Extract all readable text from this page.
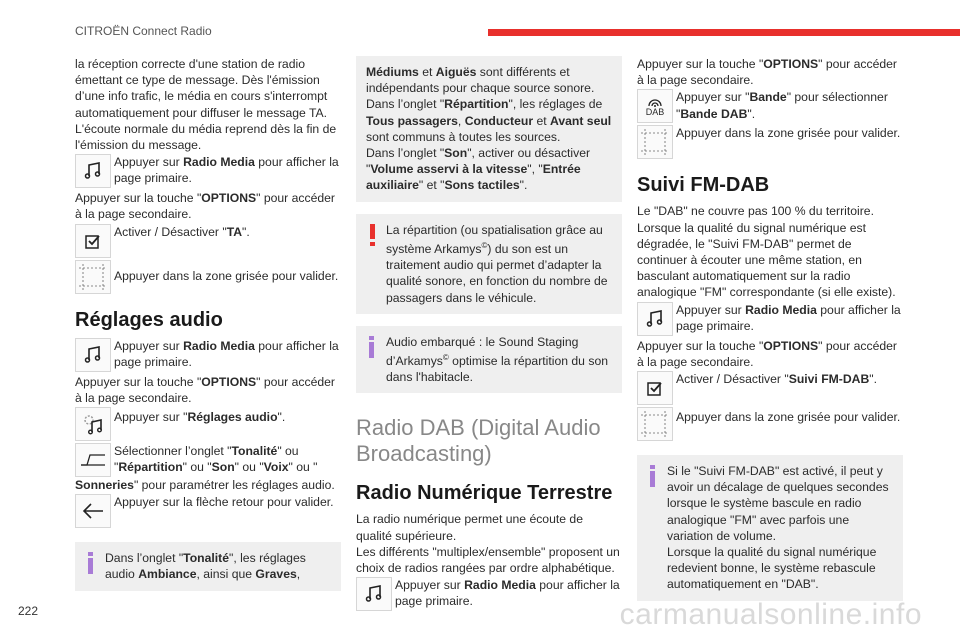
CITROËN Connect Radio

la réception correcte d'une station de radio émettant ce type de message. Dès l'émission d’une info trafic, le média en cours s'interrompt automatiquement pour diffuser le message TA. L'écoute normale du média reprend dès la fin de l'émission du message.

Appuyer sur Radio Media pour afficher la page primaire.

Appuyer sur la touche "OPTIONS" pour accéder à la page secondaire.

Activer / Désactiver "TA".
Appuyer dans la zone grisée pour valider.
Réglages audio
Appuyer sur Radio Media pour afficher la page primaire.

Appuyer sur la touche "OPTIONS" pour accéder à la page secondaire.

Appuyer sur "Réglages audio".
Sélectionner l’onglet "Tonalité" ou "Répartition" ou "Son" ou "Voix" ou "

Sonneries" pour paramétrer les réglages audio.

Appuyer sur la flèche retour pour valider.
Dans l’onglet "Tonalité", les réglages audio Ambiance, ainsi que Graves,
Médiums et Aiguës sont différents et indépendants pour chaque source sonore.
Dans l’onglet "Répartition", les réglages de Tous passagers, Conducteur et Avant seul sont communs à toutes les sources.
Dans l’onglet "Son", activer ou désactiver "Volume asservi à la vitesse", "Entrée auxiliaire" et "Sons tactiles".
La répartition (ou spatialisation grâce au système Arkamys©) du son est un traitement audio qui permet d’adapter la qualité sonore, en fonction du nombre de passagers dans le véhicule.
Audio embarqué : le Sound Staging d’Arkamys© optimise la répartition du son dans l'habitacle.
Radio DAB (Digital Audio Broadcasting)
Radio Numérique Terrestre

La radio numérique permet une écoute de qualité supérieure.

Les différents "multiplex/ensemble" proposent un choix de radios rangées par ordre alphabétique.

Appuyer sur Radio Media pour afficher la page primaire.

Appuyer sur la touche "OPTIONS" pour accéder à la page secondaire.

DAB
Appuyer sur "Bande" pour sélectionner "Bande DAB".
Appuyer dans la zone grisée pour valider.
Suivi FM-DAB

Le "DAB" ne couvre pas 100 % du territoire.

Lorsque la qualité du signal numérique est dégradée, le "Suivi FM-DAB" permet de continuer à écouter une même station, en basculant automatiquement sur la radio analogique "FM" correspondante (si elle existe).

Appuyer sur Radio Media pour afficher la page primaire.

Appuyer sur la touche "OPTIONS" pour accéder à la page secondaire.

Activer / Désactiver "Suivi FM-DAB".
Appuyer dans la zone grisée pour valider.

Si le "Suivi FM-DAB" est activé, il peut y avoir un décalage de quelques secondes lorsque le système bascule en radio analogique "FM" avec parfois une variation de volume.

Lorsque la qualité du signal numérique redevient bonne, le système rebascule automatiquement en "DAB".

222	carmanualsonline.info
